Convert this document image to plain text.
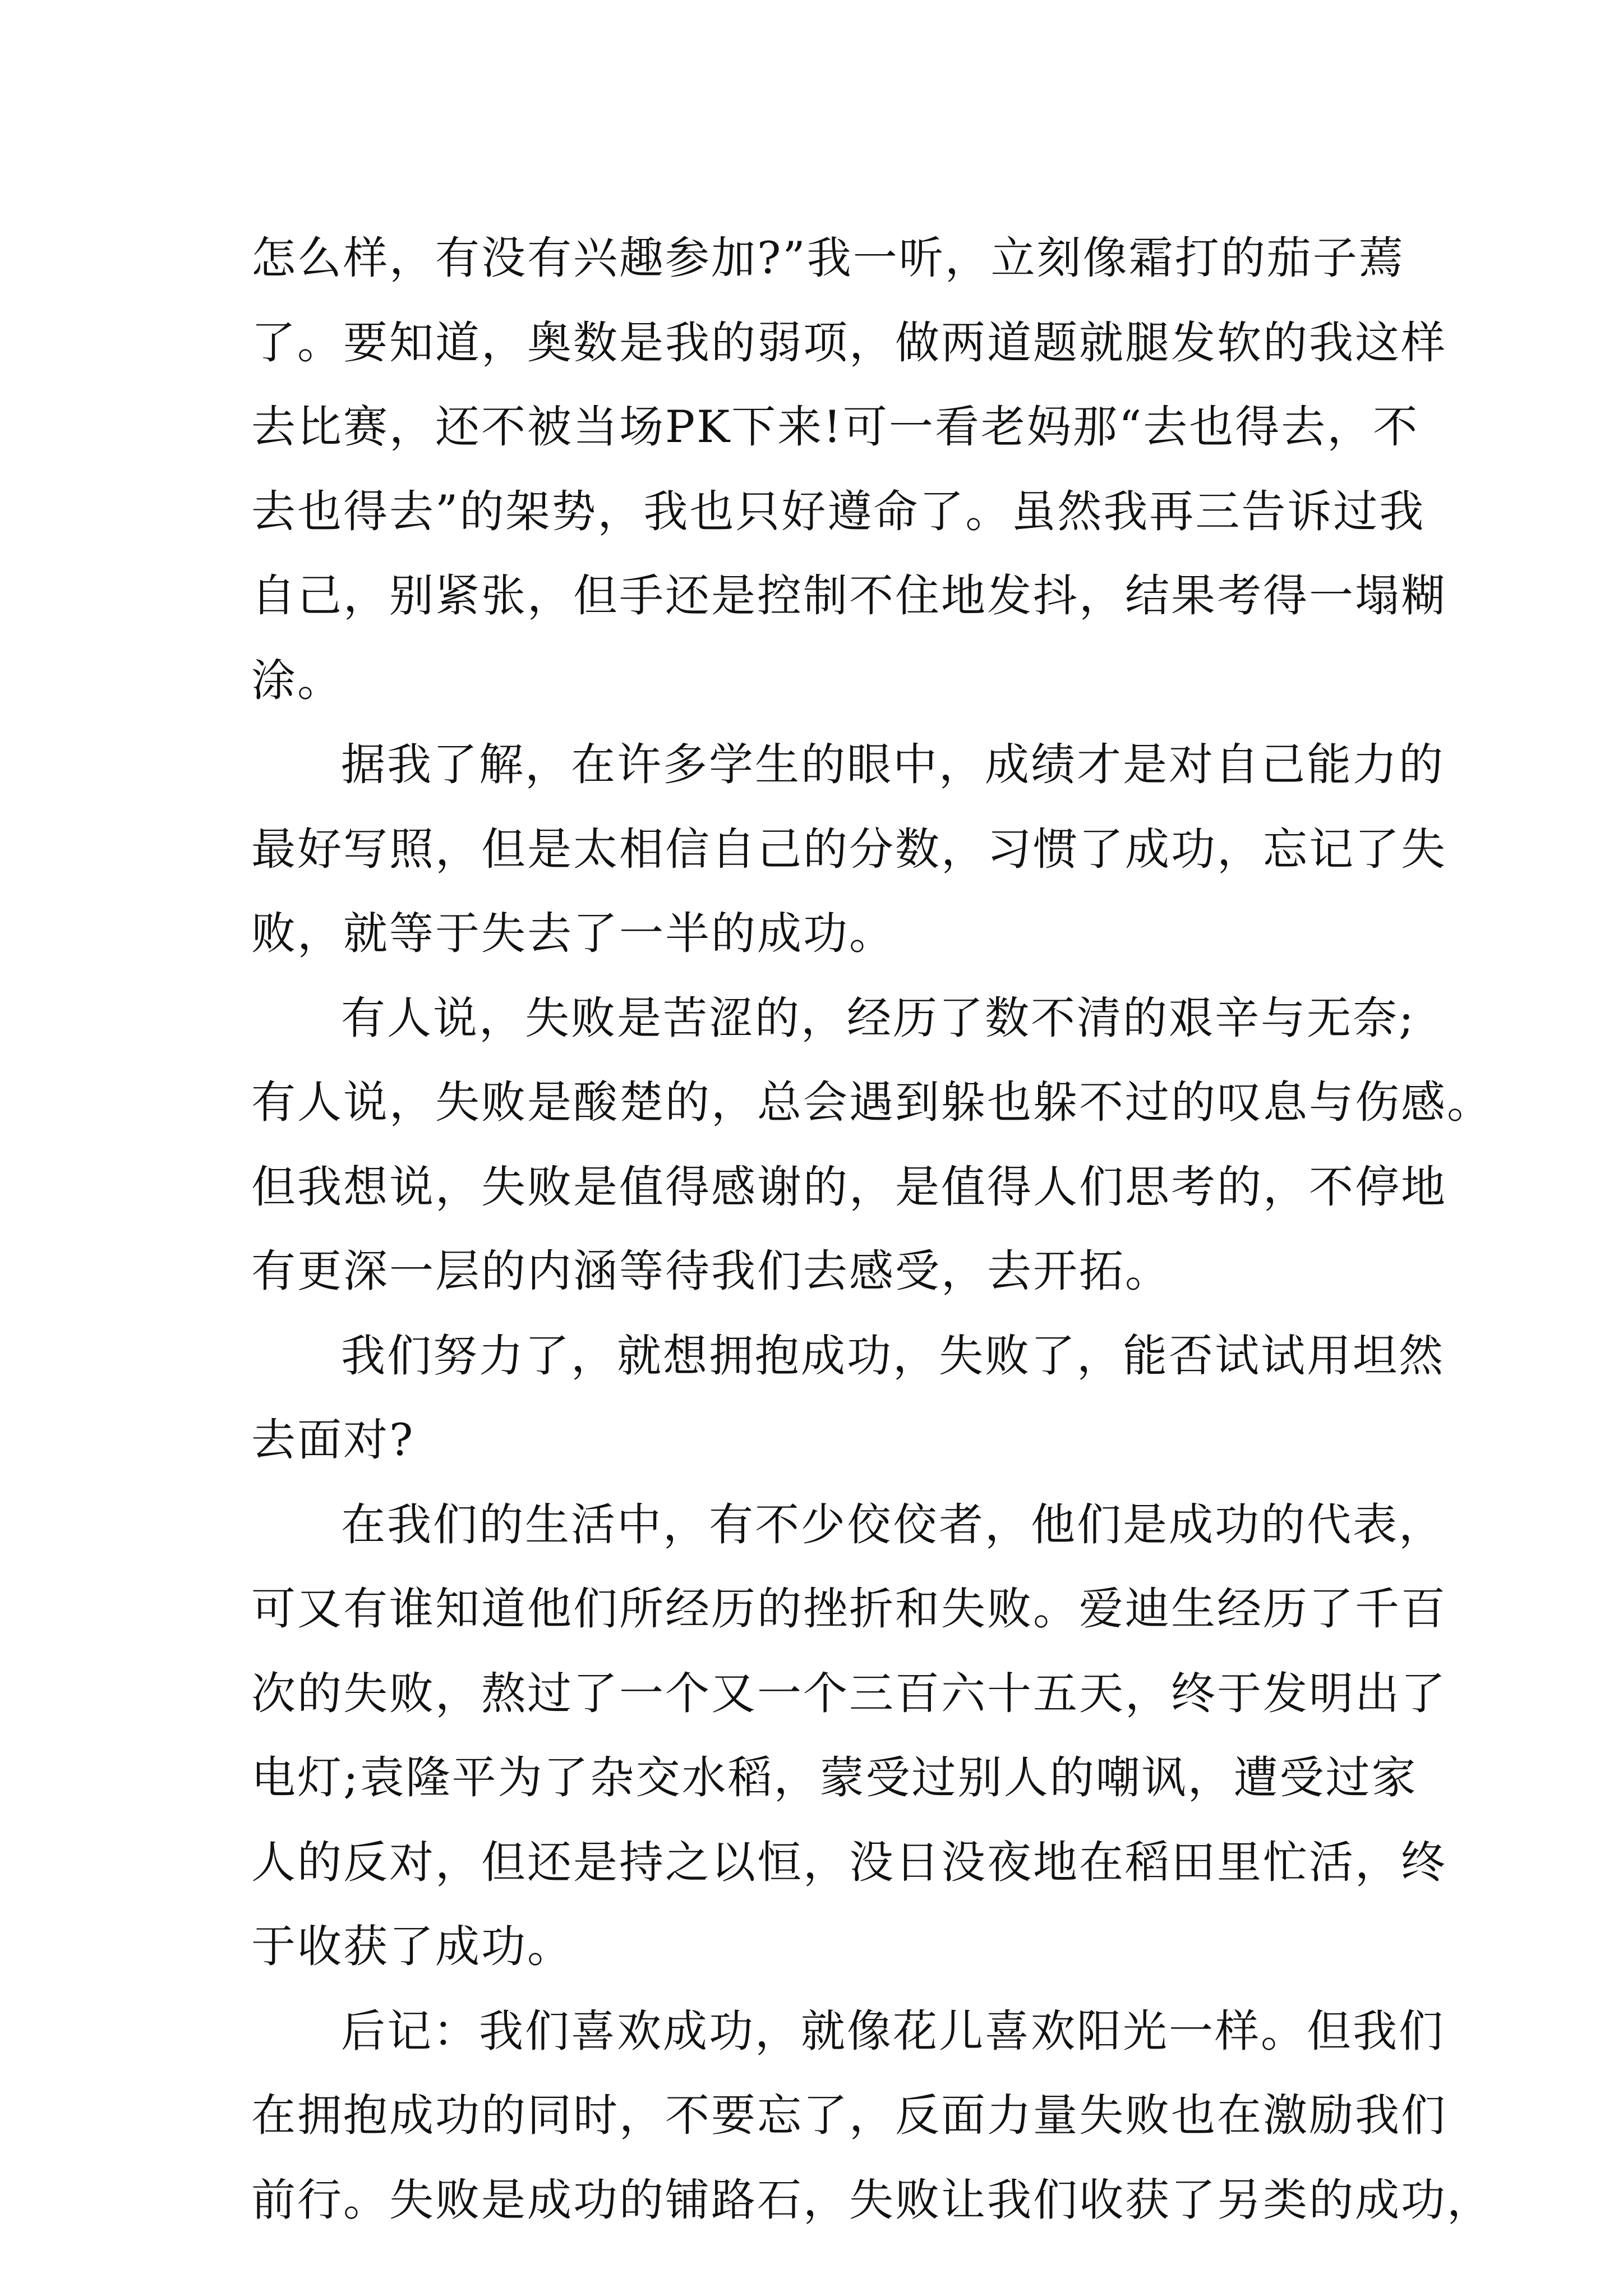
怎么样，有没有兴趣参加?”我一听，立刻像霜打的茄子蔫
了。要知道，奥数是我的弱项，做两道题就腿发软的我这样
去比赛，还不被当场PK下来!可一看老妈那“去也得去，不
去也得去”的架势，我也只好遵命了。虽然我再三告诉过我
自己，别紧张，但手还是控制不住地发抖，结果考得一塌糊
涂。
据我了解，在许多学生的眼中，成绩才是对自己能力的
最好写照，但是太相信自己的分数，习惯了成功，忘记了失
败，就等于失去了一半的成功。
有人说，失败是苦涩的，经历了数不清的艰辛与无奈;
有人说，失败是酸楚的，总会遇到躲也躲不过的叹息与伤感。
但我想说，失败是值得感谢的，是值得人们思考的，不停地
有更深一层的内涵等待我们去感受，去开拓。
我们努力了，就想拥抱成功，失败了，能否试试用坦然
去面对?
在我们的生活中，有不少佼佼者，他们是成功的代表，
可又有谁知道他们所经历的挫折和失败。爱迪生经历了千百
次的失败，熬过了一个又一个三百六十五天，终于发明出了
电灯;袁隆平为了杂交水稻，蒙受过别人的嘲讽，遭受过家
人的反对，但还是持之以恒，没日没夜地在稻田里忙活，终
于收获了成功。
后记：我们喜欢成功，就像花儿喜欢阳光一样。但我们
在拥抱成功的同时，不要忘了，反面力量失败也在激励我们
前行。失败是成功的铺路石，失败让我们收获了另类的成功，
